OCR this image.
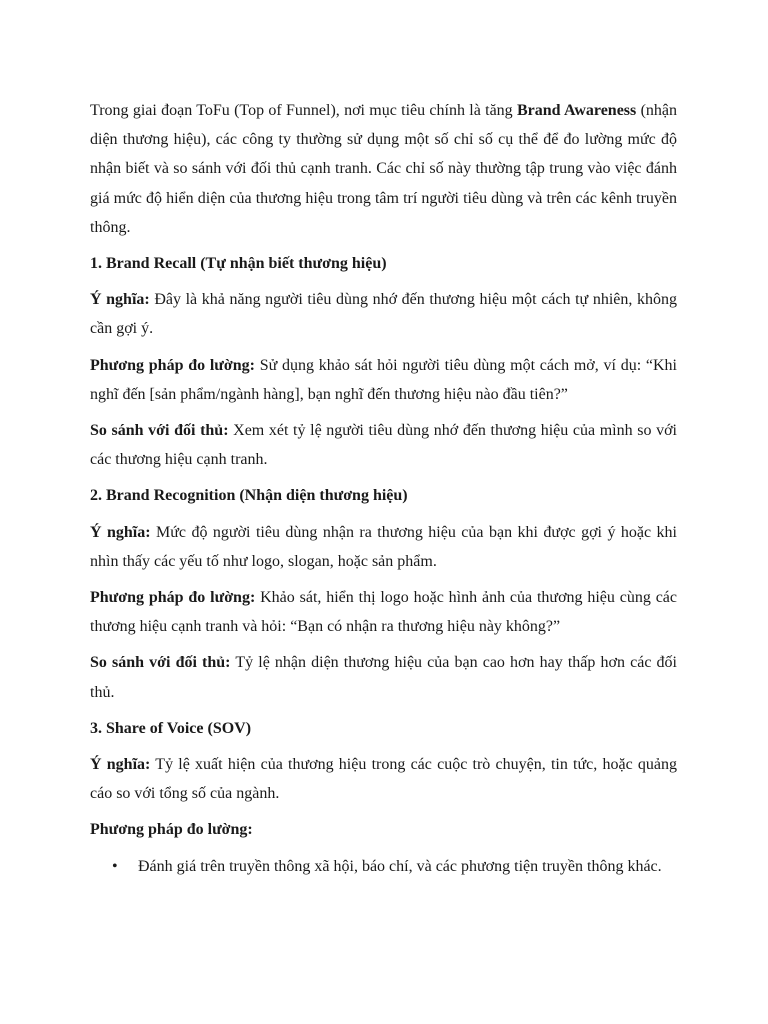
Trong giai đoạn ToFu (Top of Funnel), nơi mục tiêu chính là tăng Brand Awareness (nhận diện thương hiệu), các công ty thường sử dụng một số chỉ số cụ thể để đo lường mức độ nhận biết và so sánh với đối thủ cạnh tranh. Các chỉ số này thường tập trung vào việc đánh giá mức độ hiển diện của thương hiệu trong tâm trí người tiêu dùng và trên các kênh truyền thông.

1. Brand Recall (Tự nhận biết thương hiệu)

Ý nghĩa: Đây là khả năng người tiêu dùng nhớ đến thương hiệu một cách tự nhiên, không cần gợi ý.

Phương pháp đo lường: Sử dụng khảo sát hỏi người tiêu dùng một cách mở, ví dụ: “Khi nghĩ đến [sản phẩm/ngành hàng], bạn nghĩ đến thương hiệu nào đầu tiên?”

So sánh với đối thủ: Xem xét tỷ lệ người tiêu dùng nhớ đến thương hiệu của mình so với các thương hiệu cạnh tranh.

2. Brand Recognition (Nhận diện thương hiệu)

Ý nghĩa: Mức độ người tiêu dùng nhận ra thương hiệu của bạn khi được gợi ý hoặc khi nhìn thấy các yếu tố như logo, slogan, hoặc sản phẩm.

Phương pháp đo lường: Khảo sát, hiển thị logo hoặc hình ảnh của thương hiệu cùng các thương hiệu cạnh tranh và hỏi: “Bạn có nhận ra thương hiệu này không?”

So sánh với đối thủ: Tỷ lệ nhận diện thương hiệu của bạn cao hơn hay thấp hơn các đối thủ.

3. Share of Voice (SOV)

Ý nghĩa: Tỷ lệ xuất hiện của thương hiệu trong các cuộc trò chuyện, tin tức, hoặc quảng cáo so với tổng số của ngành.

Phương pháp đo lường:

• Đánh giá trên truyền thông xã hội, báo chí, và các phương tiện truyền thông khác.
